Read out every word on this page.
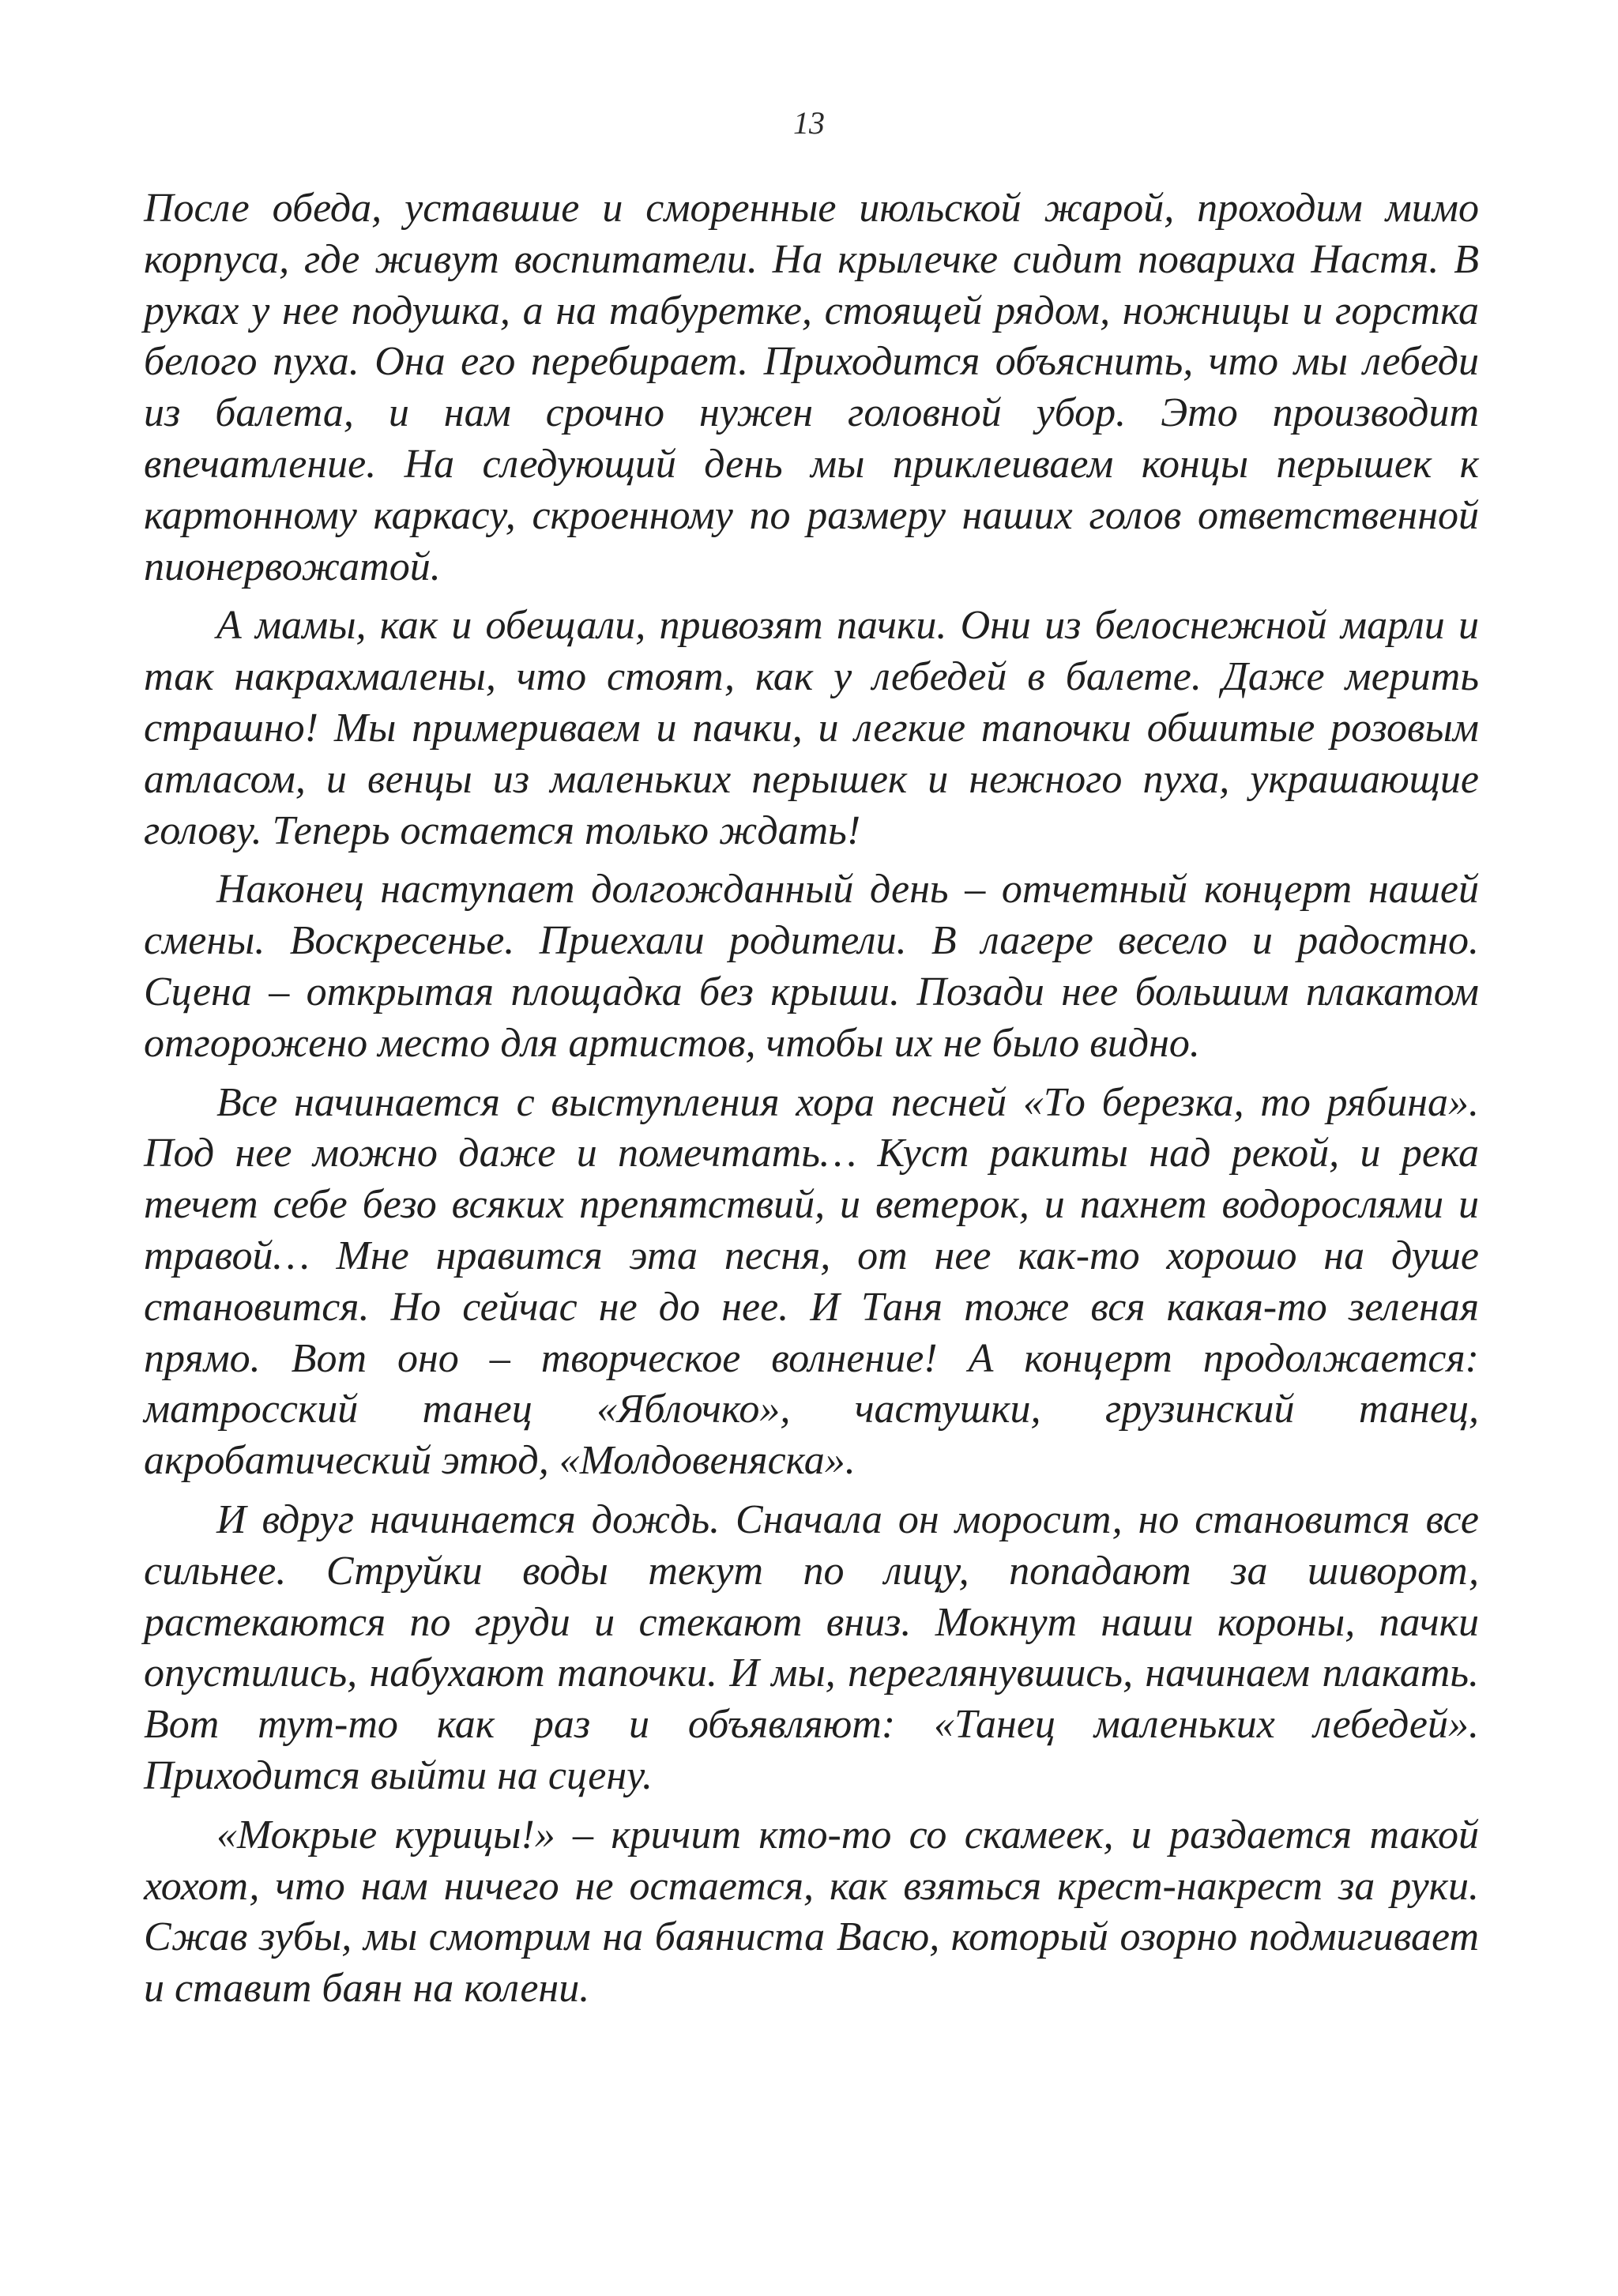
13

После обеда, уставшие и сморенные июльской жарой, проходим мимо корпуса, где живут воспитатели. На крылечке сидит повариха Настя. В руках у нее подушка, а на табуретке, стоящей рядом, ножницы и горстка белого пуха. Она его перебирает. Приходится объяснить, что мы лебеди из балета, и нам срочно нужен головной убор. Это производит впечатление. На следующий день мы приклеиваем концы перышек к картонному каркасу, скроенному по размеру наших голов ответственной пионервожатой.

А мамы, как и обещали, привозят пачки. Они из белоснежной марли и так накрахмалены, что стоят, как у лебедей в балете. Даже мерить страшно! Мы примериваем и пачки, и легкие тапочки обшитые розовым атласом, и венцы из маленьких перышек и нежного пуха, украшающие голову. Теперь остается только ждать!

Наконец наступает долгожданный день – отчетный концерт нашей смены. Воскресенье. Приехали родители. В лагере весело и радостно. Сцена – открытая площадка без крыши. Позади нее большим плакатом отгорожено место для артистов, чтобы их не было видно.

Все начинается с выступления хора песней «То березка, то рябина». Под нее можно даже и помечтать… Куст ракиты над рекой, и река течет себе безо всяких препятствий, и ветерок, и пахнет водорослями и травой… Мне нравится эта песня, от нее как-то хорошо на душе становится. Но сейчас не до нее. И Таня тоже вся какая-то зеленая прямо. Вот оно – творческое волнение! А концерт продолжается: матросский танец «Яблочко», частушки, грузинский танец, акробатический этюд, «Молдовеняска».

И вдруг начинается дождь. Сначала он моросит, но становится все сильнее. Струйки воды текут по лицу, попадают за шиворот, растекаются по груди и стекают вниз. Мокнут наши короны, пачки опустились, набухают тапочки. И мы, переглянувшись, начинаем плакать. Вот тут-то как раз и объявляют: «Танец маленьких лебедей». Приходится выйти на сцену.

«Мокрые курицы!» – кричит кто-то со скамеек, и раздается такой хохот, что нам ничего не остается, как взяться крест-накрест за руки. Сжав зубы, мы смотрим на баяниста Васю, который озорно подмигивает и ставит баян на колени.
